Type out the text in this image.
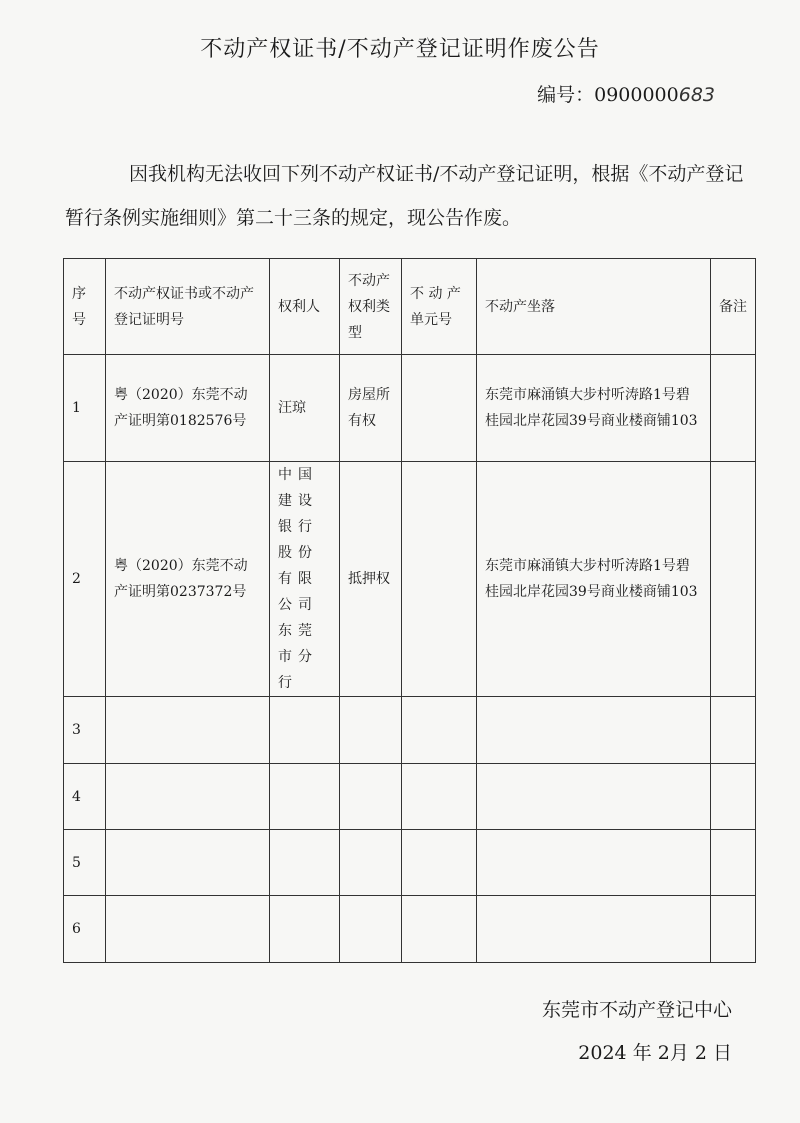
不动产权证书/不动产登记证明作废公告
编号：0900000683
因我机构无法收回下列不动产权证书/不动产登记证明，根据《不动产登记暂行条例实施细则》第二十三条的规定，现公告作废。
序号	不动产权证书或不动产登记证明号	权利人	不动产权利类型	不 动 产 单元号	不动产坐落	备注
1	粤（2020）东莞不动产证明第0182576号	汪琼	房屋所有权		东莞市麻涌镇大步村听涛路1号碧桂园北岸花园39号商业楼商铺103	
2	粤（2020）东莞不动产证明第0237372号	中国建设银行股份有限公司东莞市分行	抵押权		东莞市麻涌镇大步村听涛路1号碧桂园北岸花园39号商业楼商铺103	
3						
4						
5						
6						
东莞市不动产登记中心
2024 年 2月 2 日
